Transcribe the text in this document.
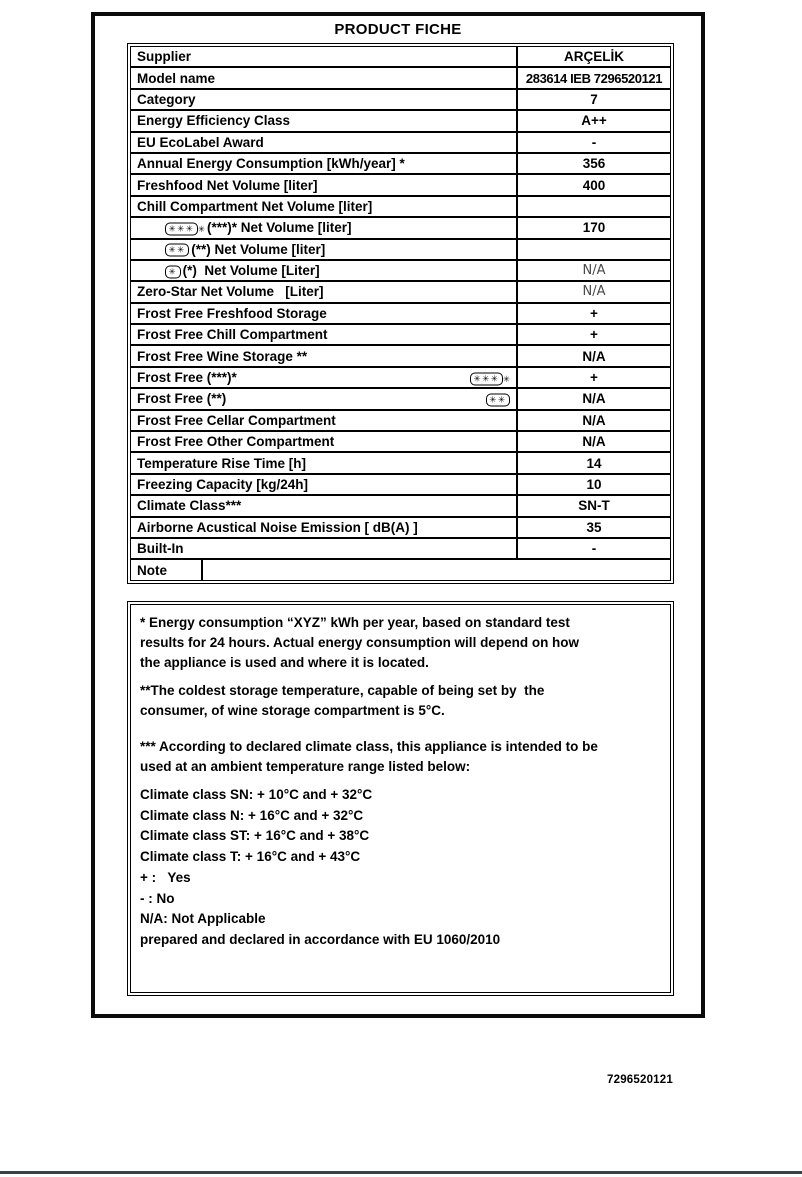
PRODUCT FICHE
Supplier	ARÇELİK
Model name	283614 IEB 7296520121
Category	7
Energy Efficiency Class	A++
EU EcoLabel Award	-
Annual Energy Consumption [kWh/year] *	356
Freshfood Net Volume [liter]	400
Chill Compartment Net Volume [liter]
✳✳✳ ✳ (***)* Net Volume [liter]	170
✳✳ (**) Net Volume [liter]
✳ (*)  Net Volume [Liter]	N/A
Zero-Star Net Volume   [Liter]	N/A
Frost Free Freshfood Storage	+
Frost Free Chill Compartment	+
Frost Free Wine Storage **	N/A
Frost Free (***)*	✳✳✳ ✳	+
Frost Free (**)	✳✳	N/A
Frost Free Cellar Compartment	N/A
Frost Free Other Compartment	N/A
Temperature Rise Time [h]	14
Freezing Capacity [kg/24h]	10
Climate Class***	SN-T
Airborne Acustical Noise Emission [ dB(A) ]	35
Built-In	-
Note
* Energy consumption “XYZ” kWh per year, based on standard test
results for 24 hours. Actual energy consumption will depend on how
the appliance is used and where it is located.
**The coldest storage temperature, capable of being set by  the
consumer, of wine storage compartment is 5°C.
*** According to declared climate class, this appliance is intended to be
used at an ambient temperature range listed below:
Climate class SN: + 10°C and + 32°C
Climate class N: + 16°C and + 32°C
Climate class ST: + 16°C and + 38°C
Climate class T: + 16°C and + 43°C
+ :   Yes
- : No
N/A: Not Applicable
prepared and declared in accordance with EU 1060/2010
7296520121
